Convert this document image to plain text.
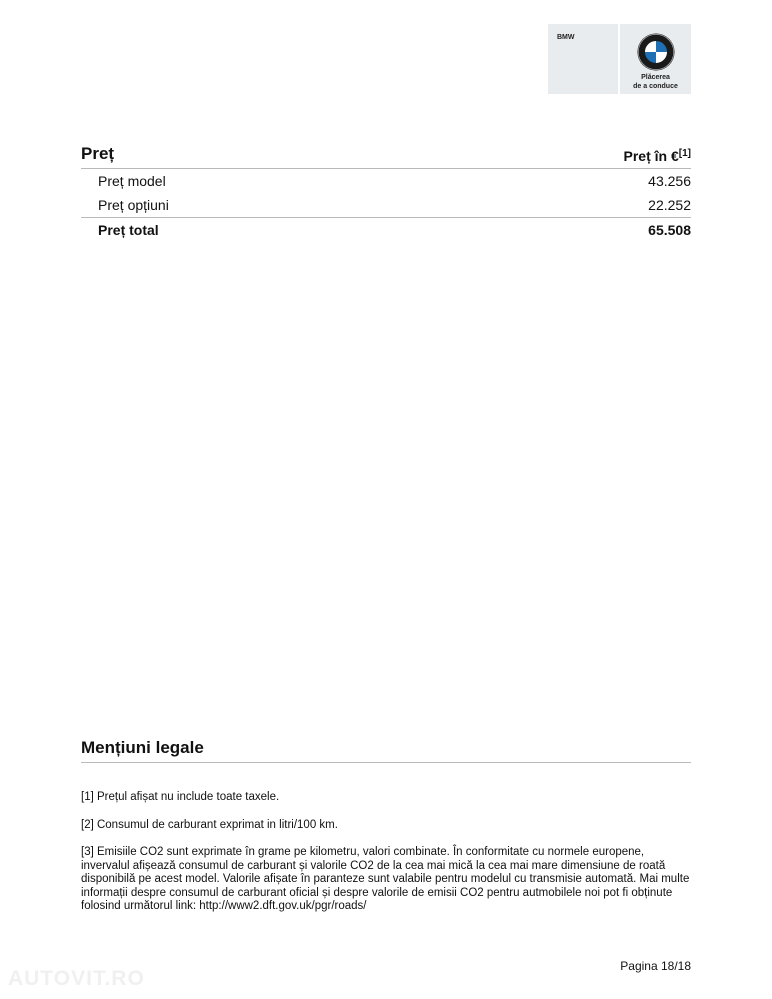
BMW
Plăcerea
de a conduce
Preț	Preț în €[1]
Preț model	43.256
Preț opțiuni	22.252
Preț total	65.508
Mențiuni legale

[1] Prețul afișat nu include toate taxele.

[2] Consumul de carburant exprimat in litri/100 km.

[3] Emisiile CO2 sunt exprimate în grame pe kilometru, valori combinate. În conformitate cu normele europene, invervalul afișează consumul de carburant și valorile CO2 de la cea mai mică la cea mai mare dimensiune de roată disponibilă pe acest model. Valorile afișate în paranteze sunt valabile pentru modelul cu transmisie automată. Mai multe informații despre consumul de carburant oficial și despre valorile de emisii CO2 pentru autmobilele noi pot fi obținute folosind următorul link: http://www2.dft.gov.uk/pgr/roads/

Pagina 18/18
AUTOVIT.RO
